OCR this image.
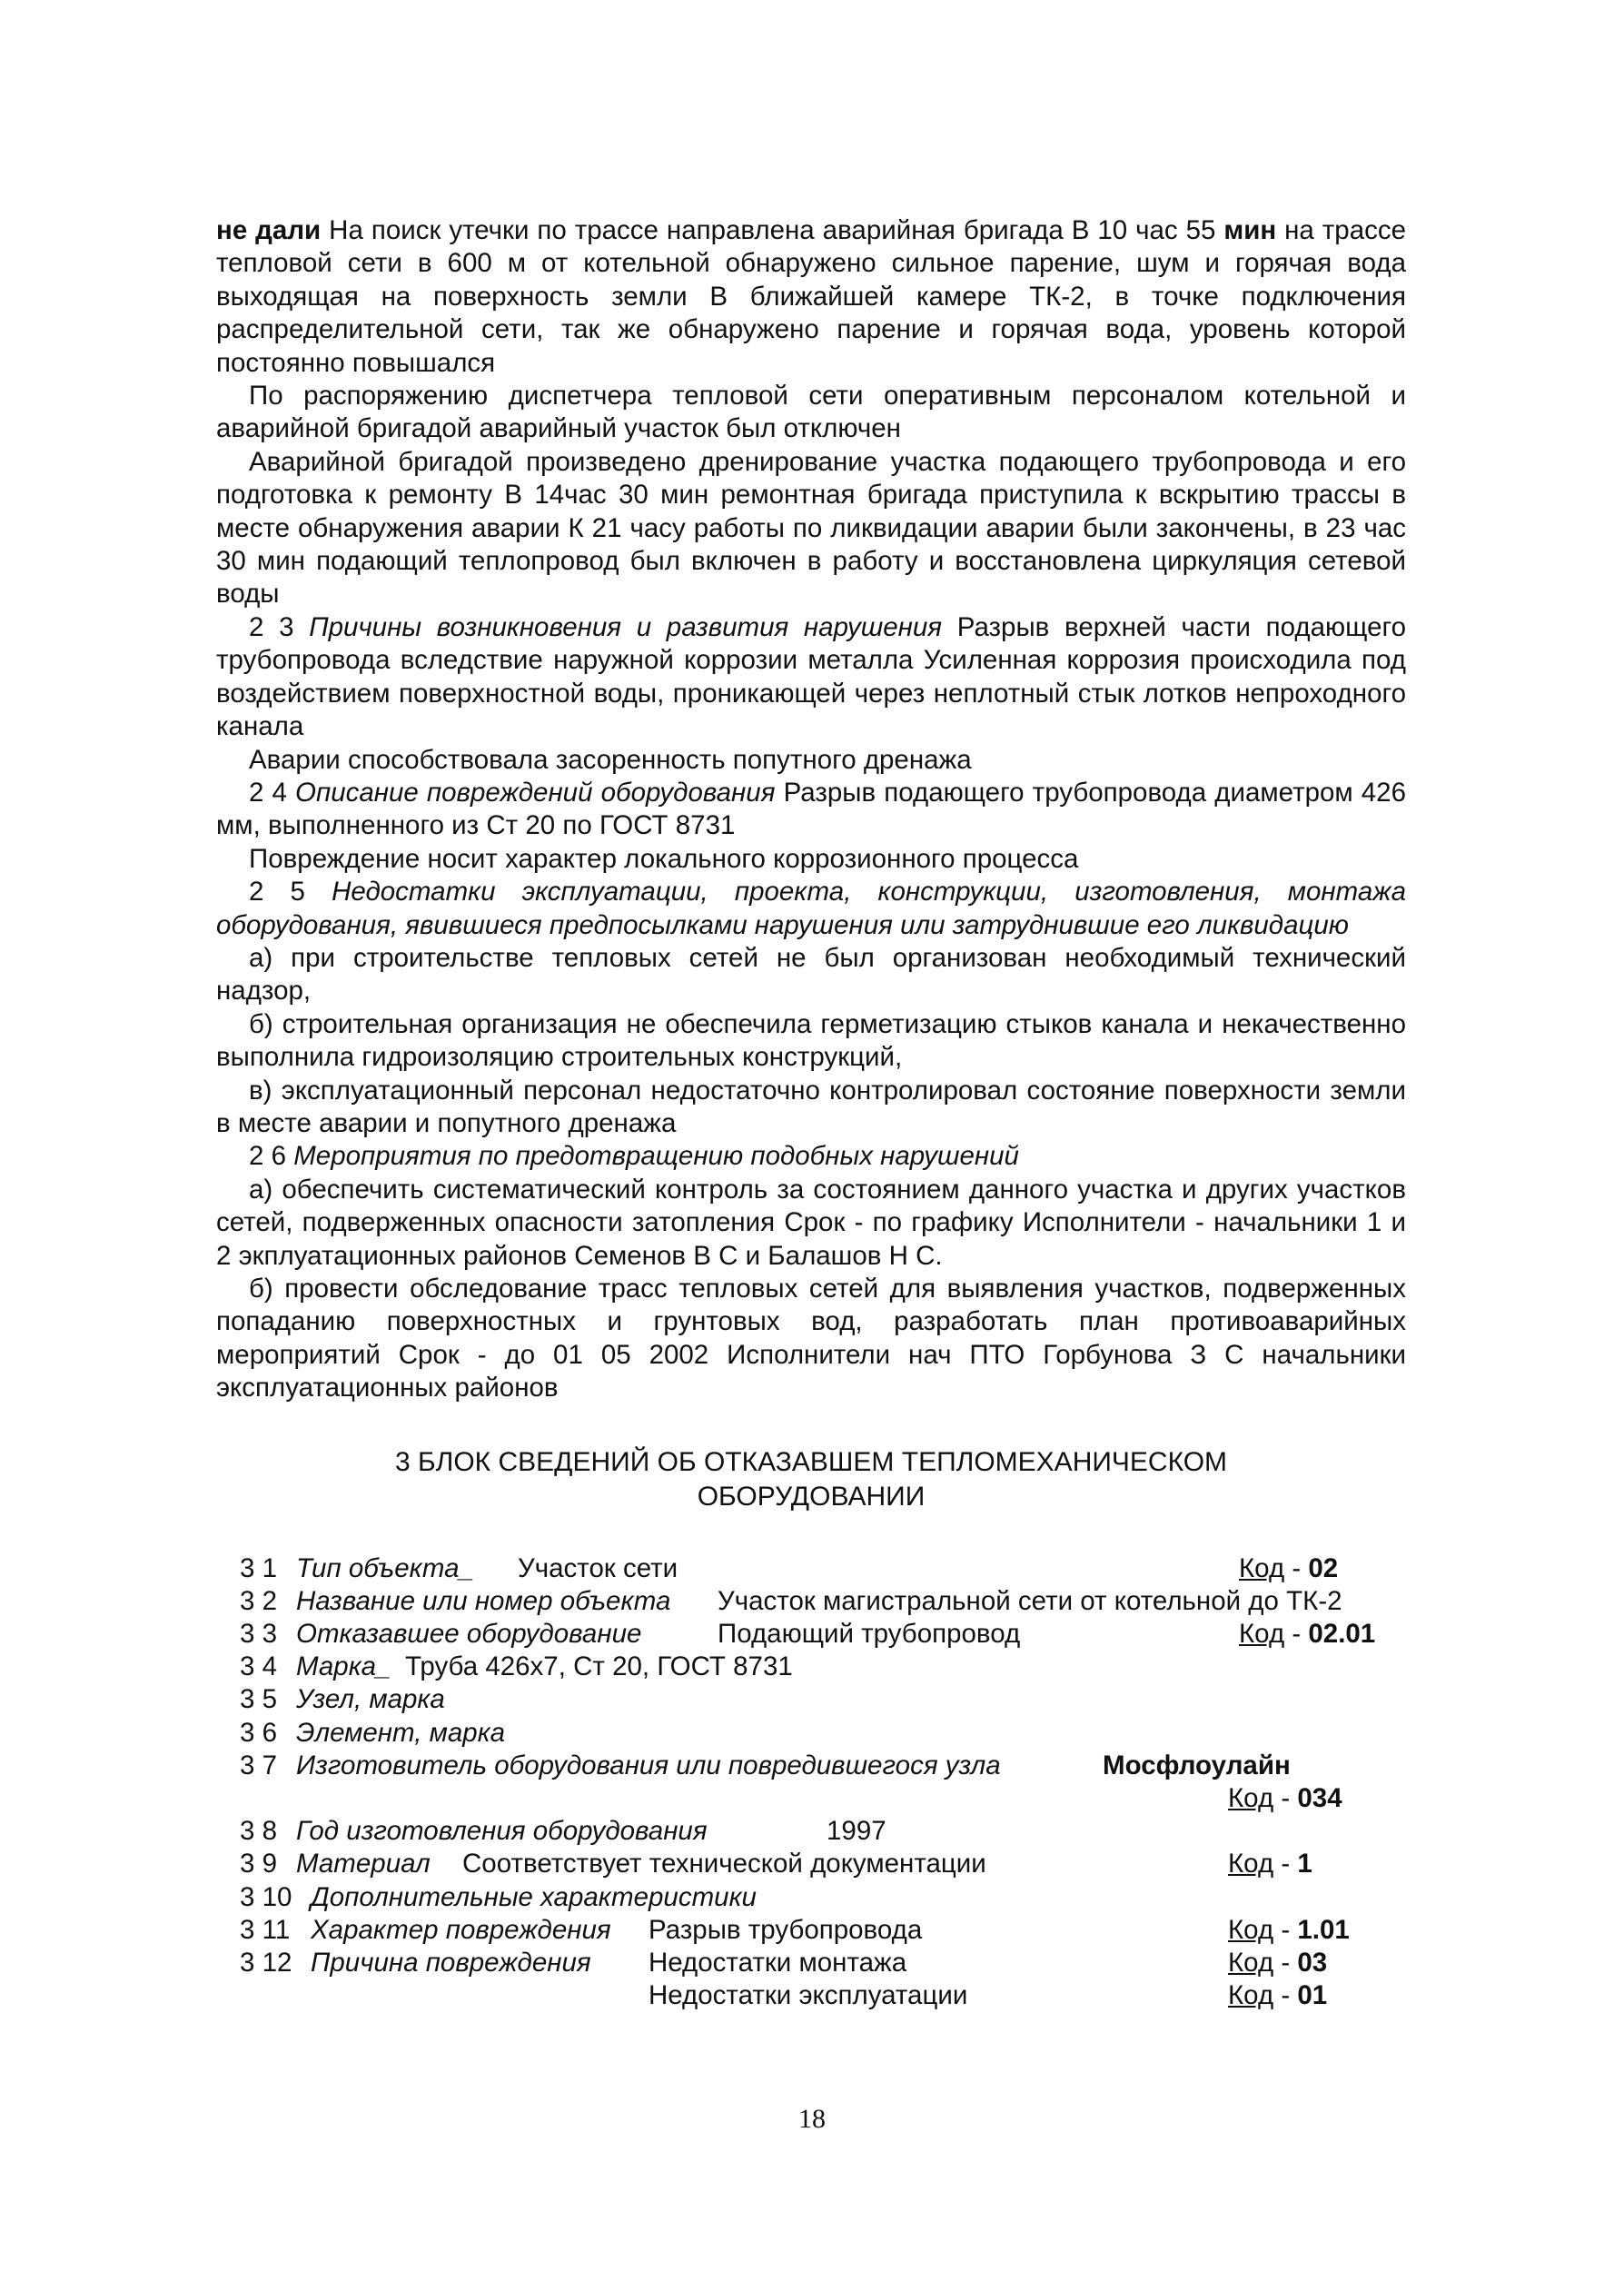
не дали На поиск утечки по трассе направлена аварийная бригада В 10 час 55 мин на трассе тепловой сети в 600 м от котельной обнаружено сильное парение, шум и горячая вода выходящая на поверхность земли В ближайшей камере ТК-2, в точке подключения распределительной сети, так же обнаружено парение и горячая вода, уровень которой постоянно повышался

По распоряжению диспетчера тепловой сети оперативным персоналом котельной и аварийной бригадой аварийный участок был отключен

Аварийной бригадой произведено дренирование участка подающего трубопровода и его подготовка к ремонту В 14час 30 мин ремонтная бригада приступила к вскрытию трассы в месте обнаружения аварии К 21 часу работы по ликвидации аварии были закончены, в 23 час 30 мин подающий теплопровод был включен в работу и восстановлена циркуляция сетевой воды

2 3 Причины возникновения и развития нарушения Разрыв верхней части подающего трубопровода вследствие наружной коррозии металла Усиленная коррозия происходила под воздействием поверхностной воды, проникающей через неплотный стык лотков непроходного канала

Аварии способствовала засоренность попутного дренажа

2 4 Описание повреждений оборудования Разрыв подающего трубопровода диаметром 426 мм, выполненного из Ст 20 по ГОСТ 8731

Повреждение носит характер локального коррозионного процесса

2 5 Недостатки эксплуатации, проекта, конструкции, изготовления, монтажа оборудования, явившиеся предпосылками нарушения или затруднившие его ликвидацию

а) при строительстве тепловых сетей не был организован необходимый технический надзор,

б) строительная организация не обеспечила герметизацию стыков канала и некачественно выполнила гидроизоляцию строительных конструкций,

в) эксплуатационный персонал недостаточно контролировал состояние поверхности земли в месте аварии и попутного дренажа

2 6 Мероприятия по предотвращению подобных нарушений

а) обеспечить систематический контроль за состоянием данного участка и других участков сетей, подверженных опасности затопления Срок - по графику Исполнители - начальники 1 и 2 экплуатационных районов Семенов В С и Балашов Н С.

б) провести обследование трасс тепловых сетей для выявления участков, подверженных попаданию поверхностных и грунтовых вод, разработать план противоаварийных мероприятий Срок - до 01 05 2002 Исполнители нач ПТО Горбунова З С начальники эксплуатационных районов

3 БЛОК СВЕДЕНИЙ ОБ ОТКАЗАВШЕМ ТЕПЛОМЕХАНИЧЕСКОМ
ОБОРУДОВАНИИ
3 1 Тип объекта_ Участок сети	Код - 02
3 2 Название или номер объекта Участок магистральной сети от котельной до ТК-2
3 3 Отказавшее оборудование	Подающий трубопровод	Код - 02.01
3 4 Марка_ Труба 426х7, Ст 20, ГОСТ 8731
3 5 Узел, марка
3 6 Элемент, марка
3 7 Изготовитель оборудования или повредившегося узла	Мосфлоулайн
Код - 034
3 8 Год изготовления оборудования	1997
3 9 Материал Соответствует технической документации	Код - 1
3 10 Дополнительные характеристики
3 11 Характер повреждения Разрыв трубопровода	Код - 1.01
3 12 Причина повреждения Недостатки монтажа	Код - 03
Недостатки эксплуатации	Код - 01
18
